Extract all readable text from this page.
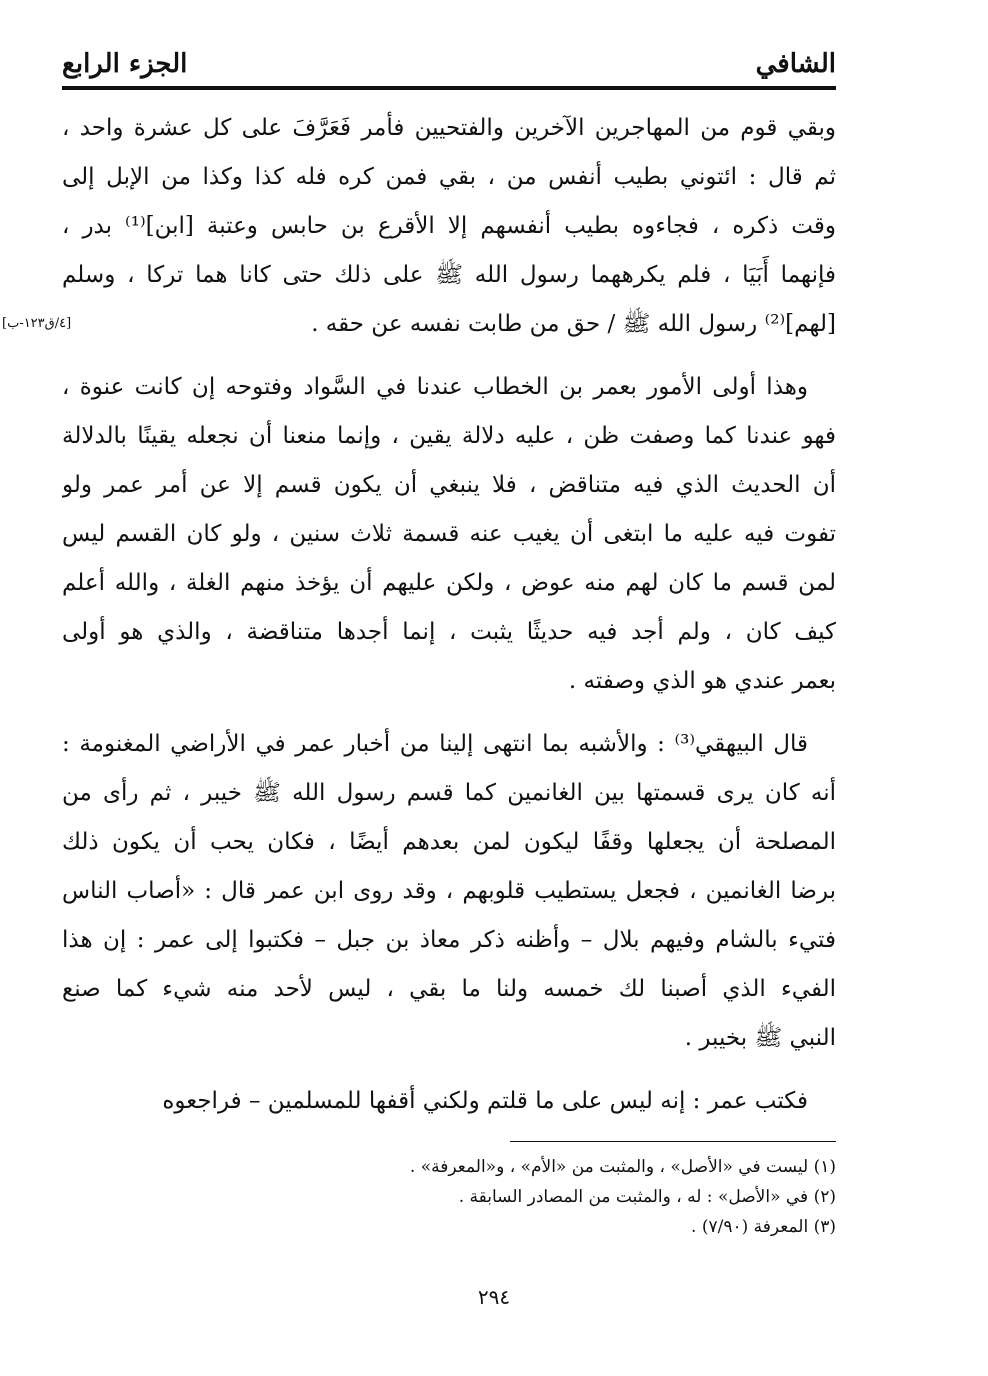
الشافي
الجزء الرابع
[٤/ق١٢٣-ب]
وبقي قوم من المهاجرين الآخرين والفتحيين فأمر فَعَرَّفَ على كل عشرة واحد ،
ثم قال : ائتوني بطيب أنفس من ، بقي فمن كره فله كذا وكذا من الإبل إلى
وقت ذكره ، فجاءوه بطيب أنفسهم إلا الأقرع بن حابس وعتبة [ابن]⁽¹⁾ بدر ،
فإنهما أَبَيَا ، فلم يكرههما رسول الله ﷺ على ذلك حتى كانا هما تركا ، وسلم
[لهم]⁽²⁾ رسول الله ﷺ / حق من طابت نفسه عن حقه .
وهذا أولى الأمور بعمر بن الخطاب عندنا في السَّواد وفتوحه إن كانت عنوة ،
فهو عندنا كما وصفت ظن ، عليه دلالة يقين ، وإنما منعنا أن نجعله يقينًا بالدلالة
أن الحديث الذي فيه متناقض ، فلا ينبغي أن يكون قسم إلا عن أمر عمر ولو
تفوت فيه عليه ما ابتغى أن يغيب عنه قسمة ثلاث سنين ، ولو كان القسم ليس
لمن قسم ما كان لهم منه عوض ، ولكن عليهم أن يؤخذ منهم الغلة ، والله أعلم
كيف كان ، ولم أجد فيه حديثًا يثبت ، إنما أجدها متناقضة ، والذي هو أولى
بعمر عندي هو الذي وصفته .
قال البيهقي⁽³⁾ : والأشبه بما انتهى إلينا من أخبار عمر في الأراضي المغنومة :
أنه كان يرى قسمتها بين الغانمين كما قسم رسول الله ﷺ خيبر ، ثم رأى من
المصلحة أن يجعلها وقفًا ليكون لمن بعدهم أيضًا ، فكان يحب أن يكون ذلك
برضا الغانمين ، فجعل يستطيب قلوبهم ، وقد روى ابن عمر قال : «أصاب الناس
فتيء بالشام وفيهم بلال – وأظنه ذكر معاذ بن جبل – فكتبوا إلى عمر : إن هذا
الفيء الذي أصبنا لك خمسه ولنا ما بقي ، ليس لأحد منه شيء كما صنع
النبي ﷺ بخيبر .
فكتب عمر : إنه ليس على ما قلتم ولكني أقفها للمسلمين – فراجعوه
(١) ليست في «الأصل» ، والمثبت من «الأم» ، و«المعرفة» .
(٢) في «الأصل» : له ، والمثبت من المصادر السابقة .
(٣) المعرفة (٧/٩٠) .
٢٩٤
